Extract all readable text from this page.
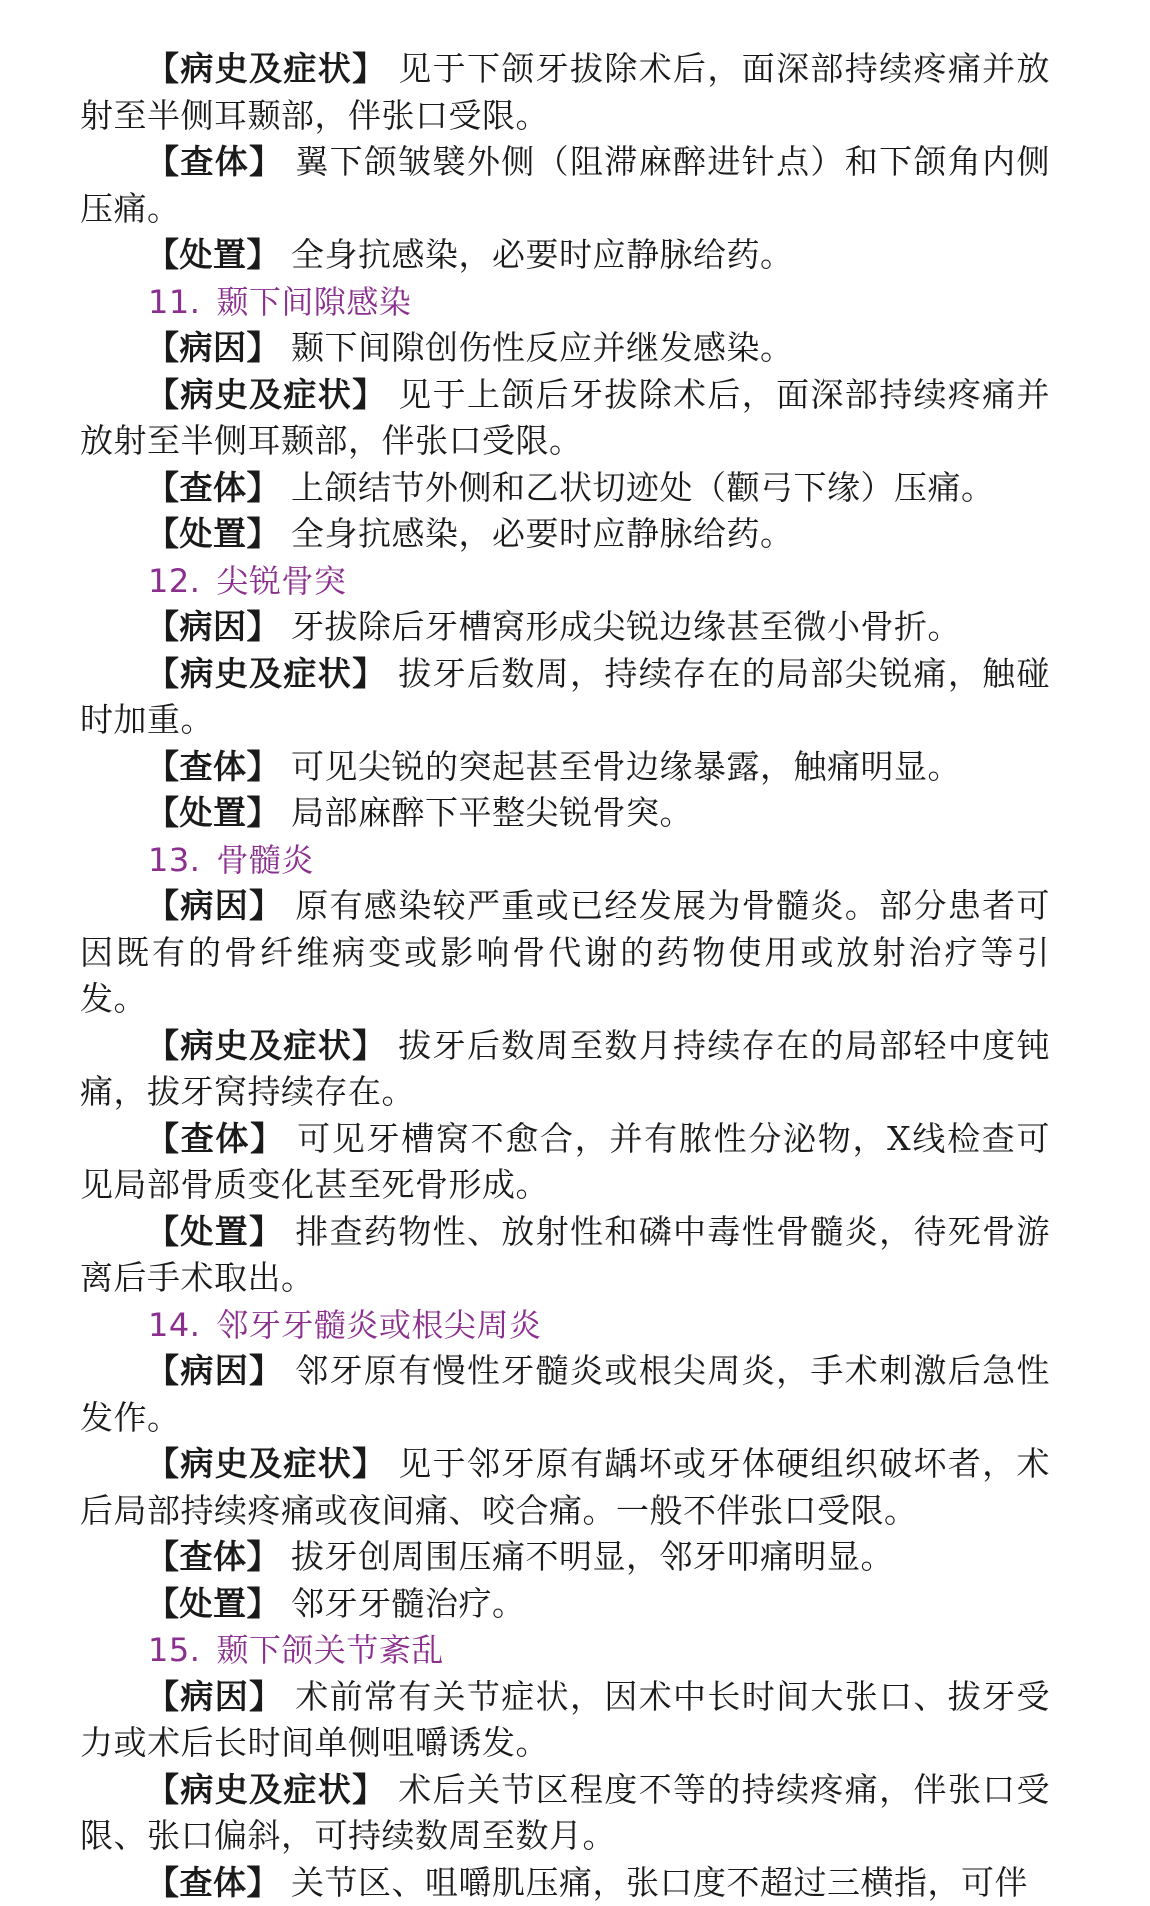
【病史及症状】 见于下颌牙拔除术后，面深部持续疼痛并放射至半侧耳颞部，伴张口受限。

【查体】 翼下颌皱襞外侧（阻滞麻醉进针点）和下颌角内侧压痛。

【处置】 全身抗感染，必要时应静脉给药。

11. 颞下间隙感染

【病因】 颞下间隙创伤性反应并继发感染。

【病史及症状】 见于上颌后牙拔除术后，面深部持续疼痛并放射至半侧耳颞部，伴张口受限。

【查体】 上颌结节外侧和乙状切迹处（颧弓下缘）压痛。

【处置】 全身抗感染，必要时应静脉给药。

12. 尖锐骨突

【病因】 牙拔除后牙槽窝形成尖锐边缘甚至微小骨折。

【病史及症状】 拔牙后数周，持续存在的局部尖锐痛，触碰时加重。

【查体】 可见尖锐的突起甚至骨边缘暴露，触痛明显。

【处置】 局部麻醉下平整尖锐骨突。

13. 骨髓炎

【病因】 原有感染较严重或已经发展为骨髓炎。部分患者可因既有的骨纤维病变或影响骨代谢的药物使用或放射治疗等引发。

【病史及症状】 拔牙后数周至数月持续存在的局部轻中度钝痛，拔牙窝持续存在。

【查体】 可见牙槽窝不愈合，并有脓性分泌物，X线检查可见局部骨质变化甚至死骨形成。

【处置】 排查药物性、放射性和磷中毒性骨髓炎，待死骨游离后手术取出。

14. 邻牙牙髓炎或根尖周炎

【病因】 邻牙原有慢性牙髓炎或根尖周炎，手术刺激后急性发作。

【病史及症状】 见于邻牙原有龋坏或牙体硬组织破坏者，术后局部持续疼痛或夜间痛、咬合痛。一般不伴张口受限。

【查体】 拔牙创周围压痛不明显，邻牙叩痛明显。

【处置】 邻牙牙髓治疗。

15. 颞下颌关节紊乱

【病因】 术前常有关节症状，因术中长时间大张口、拔牙受力或术后长时间单侧咀嚼诱发。

【病史及症状】 术后关节区程度不等的持续疼痛，伴张口受限、张口偏斜，可持续数周至数月。

【查体】 关节区、咀嚼肌压痛，张口度不超过三横指，可伴
